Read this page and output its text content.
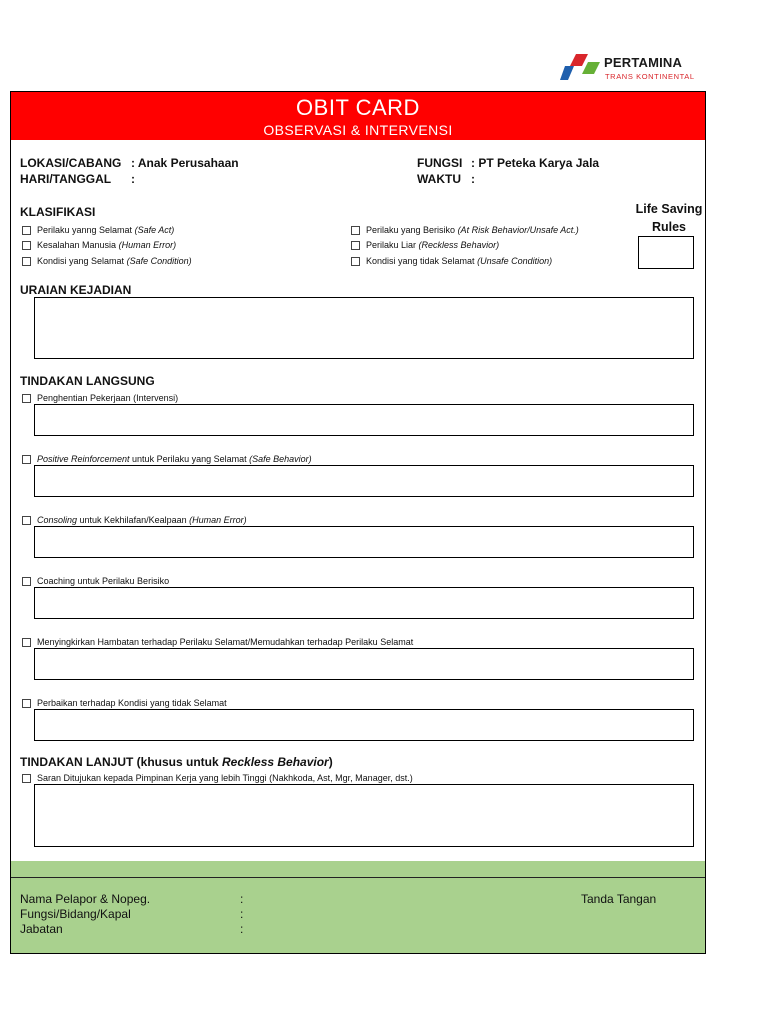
PERTAMINA
TRANS KONTINENTAL
OBIT CARD
OBSERVASI & INTERVENSI
LOKASI/CABANG : Anak Perusahaan
HARI/TANGGAL :
FUNGSI : PT Peteka Karya Jala
WAKTU :
KLASIFIKASI
Perilaku yanng Selamat
(Safe Act)
Kesalahan Manusia
(Human Error)
Kondisi yang Selamat
(Safe Condition)
Perilaku yang Berisiko
(At Risk Behavior/Unsafe Act.)
Perilaku Liar
(Reckless Behavior)
Kondisi yang tidak Selamat
(Unsafe Condition)
Life Saving
Rules
URAIAN KEJADIAN
TINDAKAN LANGSUNG
Penghentian Pekerjaan (Intervensi)
Positive Reinforcement untuk Perilaku yang Selamat (Safe Behavior)
Consoling untuk Kekhilafan/Kealpaan (Human Error)
Coaching untuk Perilaku Berisiko
Menyingkirkan Hambatan terhadap Perilaku Selamat/Memudahkan terhadap Perilaku Selamat
Perbaikan terhadap Kondisi yang tidak Selamat
TINDAKAN LANJUT (khusus untuk Reckless Behavior)
Saran Ditujukan kepada Pimpinan Kerja yang lebih Tinggi (Nakhkoda, Ast, Mgr, Manager, dst.)
Nama Pelapor & Nopeg.	:
Fungsi/Bidang/Kapal	:
Jabatan	:
Tanda Tangan
